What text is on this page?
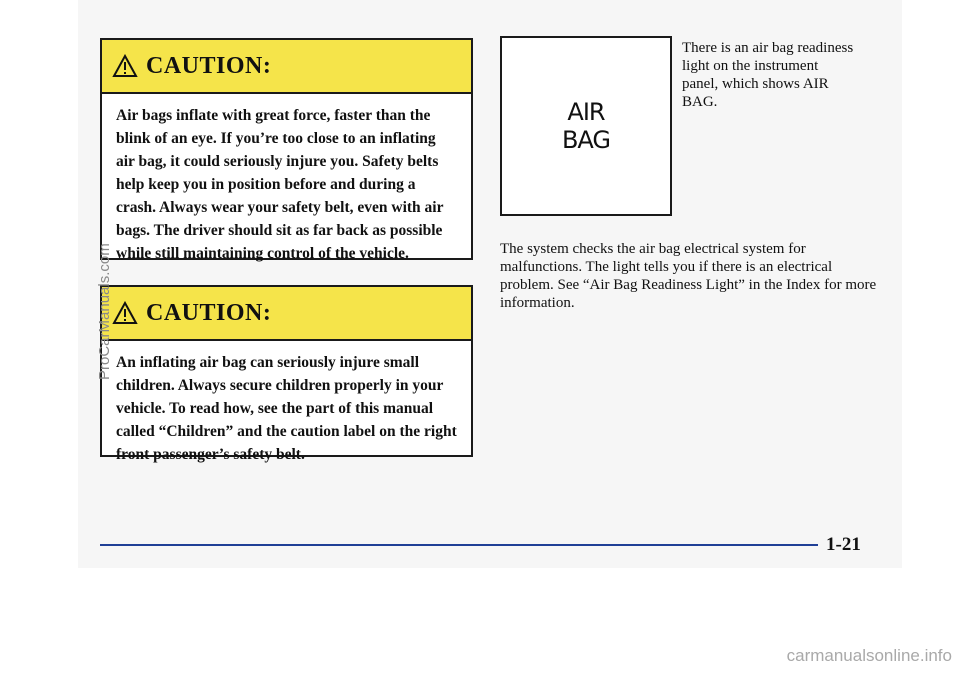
CAUTION:
Air bags inflate with great force, faster than the blink of an eye. If you’re too close to an inflating air bag, it could seriously injure you. Safety belts help keep you in position before and during a crash. Always wear your safety belt, even with air bags. The driver should sit as far back as possible while still maintaining control of the vehicle.
CAUTION:
An inflating air bag can seriously injure small children. Always secure children properly in your vehicle. To read how, see the part of this manual called “Children” and the caution label on the right front passenger’s safety belt.
AIR
BAG
There is an air bag readiness light on the instrument panel, which shows AIR BAG.
The system checks the air bag electrical system for malfunctions. The light tells you if there is an electrical problem. See “Air Bag Readiness Light” in the Index for more information.
1-21
ProCarManuals.com
carmanualsonline.info
